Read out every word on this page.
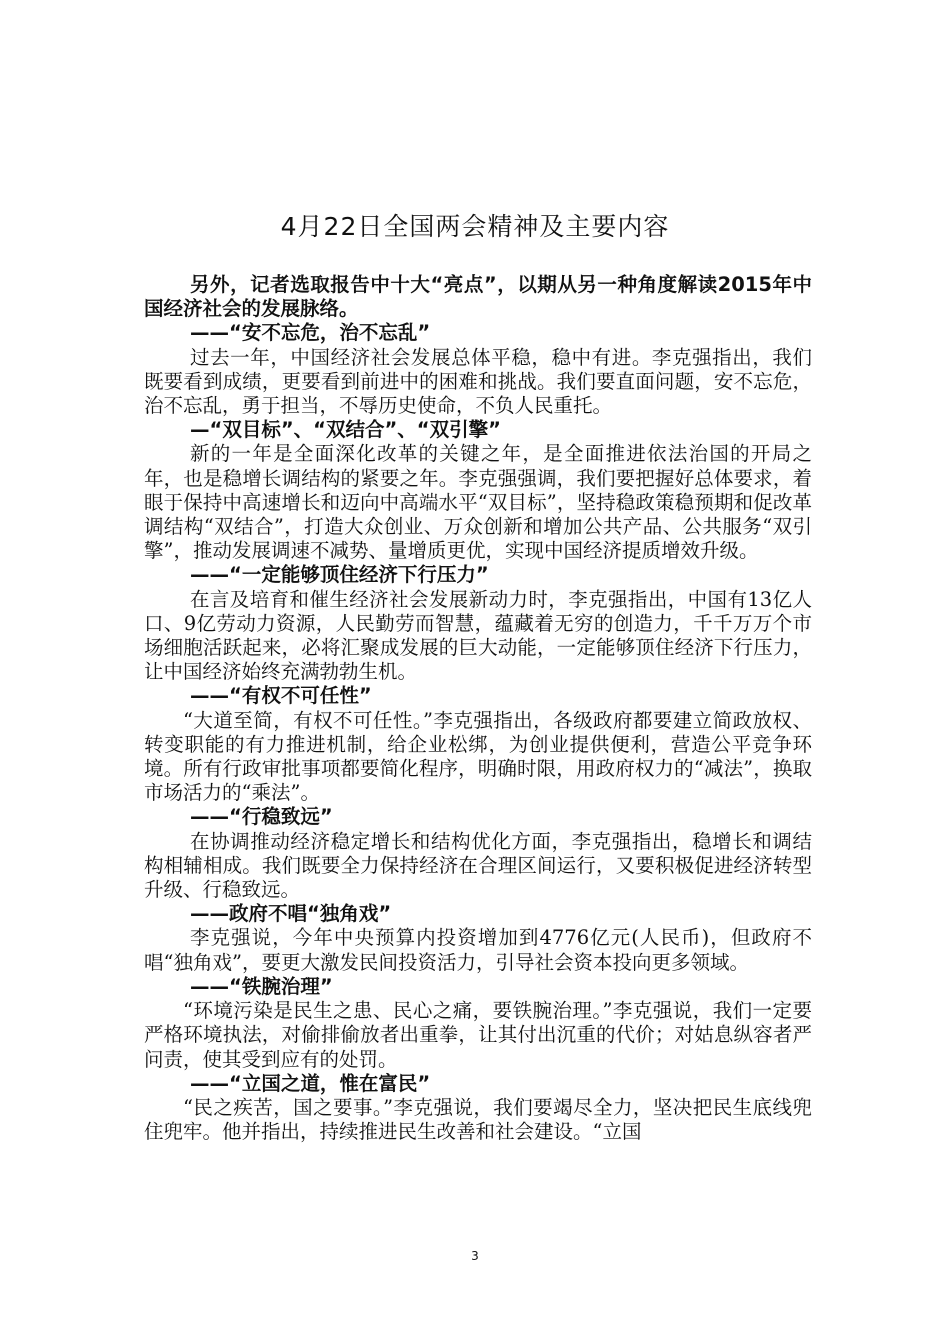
4月22日全国两会精神及主要内容

另外，记者选取报告中十大“亮点”，以期从另一种角度解读2015年中国经济社会的发展脉络。

——“安不忘危，治不忘乱”

过去一年，中国经济社会发展总体平稳，稳中有进。李克强指出，我们既要看到成绩，更要看到前进中的困难和挑战。我们要直面问题，安不忘危，治不忘乱，勇于担当，不辱历史使命，不负人民重托。

—“双目标”、“双结合”、“双引擎”

新的一年是全面深化改革的关键之年，是全面推进依法治国的开局之年，也是稳增长调结构的紧要之年。李克强强调，我们要把握好总体要求，着眼于保持中高速增长和迈向中高端水平“双目标”，坚持稳政策稳预期和促改革调结构“双结合”，打造大众创业、万众创新和增加公共产品、公共服务“双引擎”，推动发展调速不减势、量增质更优，实现中国经济提质增效升级。

——“一定能够顶住经济下行压力”

在言及培育和催生经济社会发展新动力时，李克强指出，中国有13亿人口、9亿劳动力资源，人民勤劳而智慧，蕴藏着无穷的创造力，千千万万个市场细胞活跃起来，必将汇聚成发展的巨大动能，一定能够顶住经济下行压力，让中国经济始终充满勃勃生机。

——“有权不可任性”

“大道至简，有权不可任性。”李克强指出，各级政府都要建立简政放权、转变职能的有力推进机制，给企业松绑，为创业提供便利，营造公平竞争环境。所有行政审批事项都要简化程序，明确时限，用政府权力的“减法”，换取市场活力的“乘法”。

——“行稳致远”

在协调推动经济稳定增长和结构优化方面，李克强指出，稳增长和调结构相辅相成。我们既要全力保持经济在合理区间运行，又要积极促进经济转型升级、行稳致远。

——政府不唱“独角戏”

李克强说，今年中央预算内投资增加到4776亿元(人民币)，但政府不唱“独角戏”，要更大激发民间投资活力，引导社会资本投向更多领域。

——“铁腕治理”

“环境污染是民生之患、民心之痛，要铁腕治理。”李克强说，我们一定要严格环境执法，对偷排偷放者出重拳，让其付出沉重的代价；对姑息纵容者严问责，使其受到应有的处罚。

——“立国之道，惟在富民”

“民之疾苦，国之要事。”李克强说，我们要竭尽全力，坚决把民生底线兜住兜牢。他并指出，持续推进民生改善和社会建设。“立国

3
